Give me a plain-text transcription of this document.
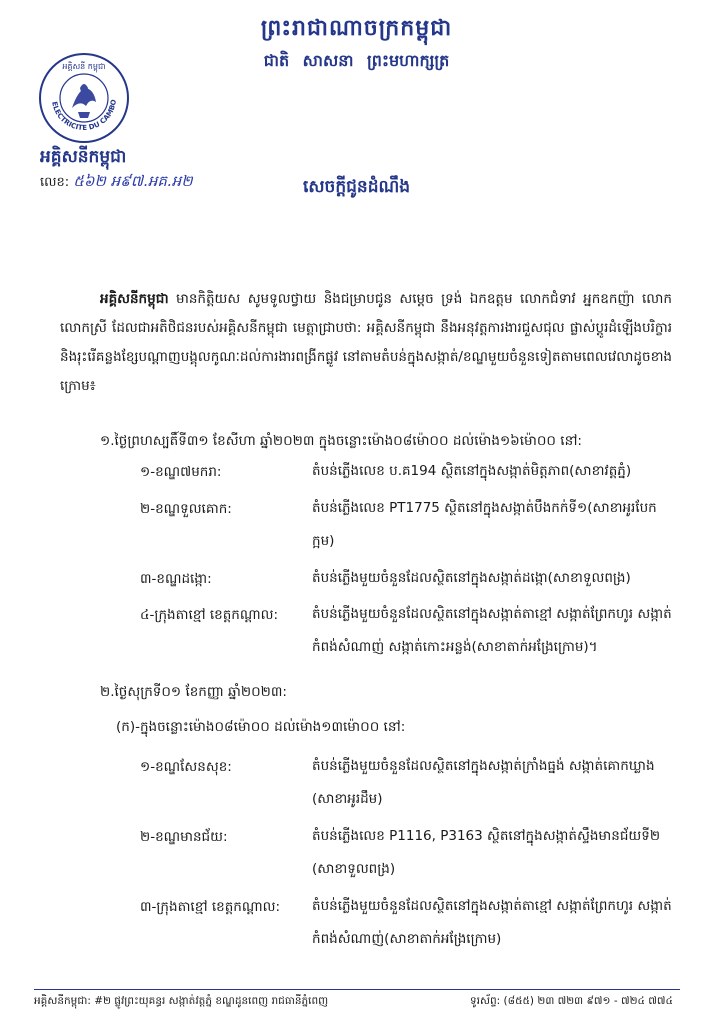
ព្រះរាជាណាចក្រកម្ពុជា
ជាតិ សាសនា ព្រះមហាក្សត្រ
ELECTRICITE DU CAMBO
អគ្គិសនី កម្ពុជា
អគ្គិសនីកម្ពុជា
លេខ: ៥៦២ អ៩៧.អគ.អ២	សេចក្ដីជូនដំណឹង
អគ្គិសនីកម្ពុជា មានកិត្តិយស សូមទូលថ្វាយ និងជម្រាបជូន សម្ដេច ទ្រង់ ឯកឧត្ដម លោកជំទាវ អ្នកឧកញ៉ា លោក លោកស្រី ដែលជាអតិថិជនរបស់អគ្គិសនីកម្ពុជា មេត្តាជ្រាបថា: អគ្គិសនីកម្ពុជា នឹងអនុវត្តការងារជួសជុល ផ្លាស់ប្ដូរដំឡើងបរិក្ខារ និងរុះរើគន្លងខ្សែបណ្ដាញបង្គុលកូណៈដល់ការងារពង្រីកផ្លូវ នៅតាមតំបន់ក្នុងសង្កាត់/ខណ្ឌមួយចំនួនទៀតតាមពេលវេលាដូចខាងក្រោម៖
១.ថ្ងៃព្រហស្បតិ៍ទី៣១ ខែសីហា ឆ្នាំ២០២៣ ក្នុងចន្លោះម៉ោង០៨ម៉ោ០០ ដល់ម៉ោង១៦ម៉ោ០០ នៅ:
១-ខណ្ឌ៧មករា:	តំបន់ភ្លើងលេខ ប.គ194 ស្ថិតនៅក្នុងសង្កាត់មិត្តភាព(សាខាវត្តភ្នំ)
២-ខណ្ឌទួលគោក:	តំបន់ភ្លើងលេខ PT1775 ស្ថិតនៅក្នុងសង្កាត់បឹងកក់ទី១(សាខាអូរបែកក្អម)
៣-ខណ្ឌដង្កោ:	តំបន់ភ្លើងមួយចំនួនដែលស្ថិតនៅក្នុងសង្កាត់ដង្កោ(សាខាទួលពង្រ)
៤-ក្រុងតាខ្មៅ ខេត្តកណ្ដាល:	តំបន់ភ្លើងមួយចំនួនដែលស្ថិតនៅក្នុងសង្កាត់តាខ្មៅ សង្កាត់ព្រែកហូរ សង្កាត់កំពង់សំណាញ់ សង្កាត់កោះ​អន្លង់(សាខាតាក់អង្រែក្រោម)។
២.ថ្ងៃសុក្រទី០១ ខែកញ្ញា ឆ្នាំ២០២៣:
(ក)-ក្នុងចន្លោះម៉ោង០៨ម៉ោ០០ ដល់ម៉ោង១៣ម៉ោ០០ នៅ:
១-ខណ្ឌសែនសុខ:	តំបន់ភ្លើងមួយចំនួនដែលស្ថិតនៅក្នុងសង្កាត់ក្រាំងធ្នង់ សង្កាត់គោកឃ្លាង (សាខាអូរដឹម)
២-ខណ្ឌមានជ័យ:	តំបន់ភ្លើងលេខ P1116, P3163 ស្ថិតនៅក្នុងសង្កាត់ស្ទឹងមានជ័យទី២ (សាខាទួលពង្រ)
៣-ក្រុងតាខ្មៅ ខេត្តកណ្ដាល: តំបន់ភ្លើងមួយចំនួនដែលស្ថិតនៅក្នុងសង្កាត់តាខ្មៅ សង្កាត់ព្រែកហូរ សង្កាត់កំពង់សំណាញ់(សាខាតាក់អង្រែក្រោម)
អគ្គិសនីកម្ពុជា: #២ ផ្លូវព្រះយុគន្ធរ សង្កាត់វត្តភ្នំ ខណ្ឌដូនពេញ រាជធានីភ្នំពេញ	ទូរស័ព្ទ: (៨៥៥) ២៣ ៧២៣ ៩៧១ - ៧២៤ ៧៧៤
